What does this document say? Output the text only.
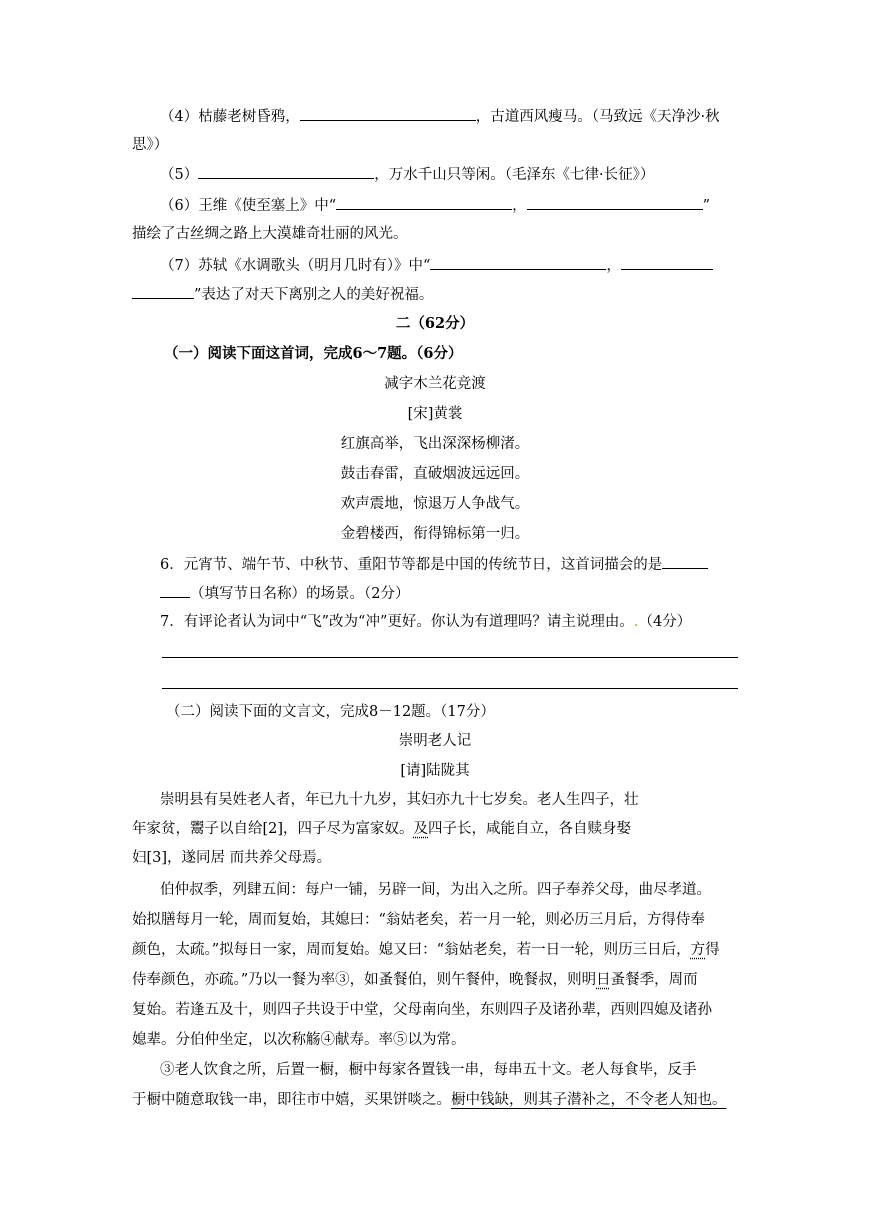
（4）枯藤老树昏鸦，	，古道西风瘦马。（马致远《天净沙·秋
思》）
（5）	，万水千山只等闲。（毛泽东《七律·长征》）
（6）王维《使至塞上》中“	，	”
描绘了古丝绸之路上大漠雄奇壮丽的风光。
（7）苏轼《水调歌头（明月几时有）》中“	，
”表达了对天下离别之人的美好祝福。
二（62分）
（一）阅读下面这首词，完成6～7题。（6分）
减字木兰花竞渡
[宋]黄裳
红旗高举，飞出深深杨柳渚。
鼓击春雷，直破烟波远远回。
欢声震地，惊退万人争战气。
金碧楼西，衔得锦标第一归。
6．元宵节、端午节、中秋节、重阳节等都是中国的传统节日，这首词描会的是
（填写节日名称）的场景。（2分）
7．有评论者认为词中“飞”改为“冲”更好。你认为有道理吗？请主说理由。.（4分）
（二）阅读下面的文言文，完成8－12题。（17分）
崇明老人记
[请]陆陇其
崇明县有吴姓老人者，年已九十九岁，其妇亦九十七岁矣。老人生四子，壮
年家贫，鬻子以自给[2]，四子尽为富家奴。及四子长，咸能自立，各自赎身娶
妇[3]，遂同居 而共养父母焉。
伯仲叔季，列肆五间：每户一铺，另辟一间，为出入之所。四子奉养父母，曲尽孝道。
始拟膳每月一轮，周而复始，其媳曰：“翁姑老矣，若一月一轮，则必历三月后，方得侍奉
颜色，太疏。”拟每日一家，周而复始。媳又曰：“翁姑老矣，若一日一轮，则历三日后，方得
侍奉颜色，亦疏。”乃以一餐为率③，如蚤餐伯，则午餐仲，晚餐叔，则明日蚤餐季，周而
复始。若逢五及十，则四子共设于中堂，父母南向坐，东则四子及诸孙辈，西则四媳及诸孙
媳辈。分伯仲坐定，以次称觞④献寿。率⑤以为常。
③老人饮食之所，后置一橱，橱中每家各置钱一串，每串五十文。老人每食毕，反手
于橱中随意取钱一串，即往市中嬉，买果饼啖之。橱中钱缺，则其子潜补之，不令老人知也。
